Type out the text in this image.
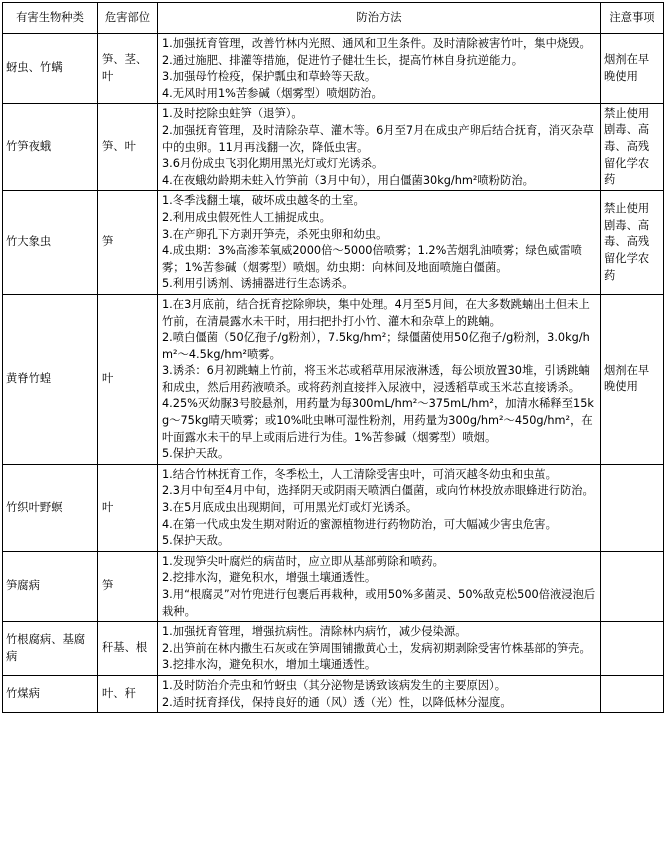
有害生物种类	危害部位	防治方法	注意事项
蚜虫、竹螨	笋、茎、叶	1.加强抚育管理，改善竹林内光照、通风和卫生条件。及时清除被害竹叶，集中烧毁。
2.通过施肥、排灌等措施，促进竹子健壮生长，提高竹林自身抗逆能力。
3.加强母竹检疫，保护瓢虫和草蛉等天敌。
4.无风时用1%苦参碱（烟雾型）喷烟防治。	烟剂在早晚使用
竹笋夜蛾	笋、叶	1.及时挖除虫蛀笋（退笋）。
2.加强抚育管理，及时清除杂草、灌木等。6月至7月在成虫产卵后结合抚育，消灭杂草中的虫卵。11月再浅翻一次，降低虫害。
3.6月份成虫飞羽化期用黑光灯或灯光诱杀。
4.在夜蛾幼龄期未蛀入竹笋前（3月中旬），用白僵菌30kg/hm²喷粉防治。	禁止使用剧毒、高毒、高残留化学农药
竹大象虫	笋	1.冬季浅翻土壤，破坏成虫越冬的土室。
2.利用成虫假死性人工捕捉成虫。
3.在产卵孔下方剥开笋壳，杀死虫卵和幼虫。
4.成虫期：3%高渗苯氧威2000倍～5000倍喷雾；1.2%苦烟乳油喷雾；绿色威雷喷雾；1%苦参碱（烟雾型）喷烟。幼虫期：向林间及地面喷施白僵菌。
5.利用引诱剂、诱捕器进行生态诱杀。	禁止使用剧毒、高毒、高残留化学农药
黄脊竹蝗	叶	1.在3月底前，结合抚育挖除卵块，集中处理。4月至5月间，在大多数跳蝻出土但未上竹前，在清晨露水未干时，用扫把扑打小竹、灌木和杂草上的跳蝻。
2.喷白僵菌（50亿孢子/g粉剂），7.5kg/hm²；绿僵菌使用50亿孢子/g粉剂，3.0kg/hm²～4.5kg/hm²喷雾。
3.诱杀：6月初跳蝻上竹前，将玉米芯或稻草用尿液淋透，每公顷放置30堆，引诱跳蝻和成虫，然后用药液喷杀。或将药剂直接拌入尿液中，浸透稻草或玉米芯直接诱杀。
4.25%灭幼脲3号胶悬剂，用药量为每300mL/hm²～375mL/hm²，加清水稀释至15kg～75kg晴天喷雾；或10%吡虫啉可湿性粉剂，用药量为300g/hm²～450g/hm²，在叶面露水未干的早上或雨后进行为佳。1%苦参碱（烟雾型）喷烟。
5.保护天敌。	烟剂在早晚使用
竹织叶野螟	叶	1.结合竹林抚育工作，冬季松土，人工清除受害虫叶，可消灭越冬幼虫和虫茧。
2.3月中旬至4月中旬，选择阴天或阴雨天喷洒白僵菌，或向竹林投放赤眼蜂进行防治。
3.在5月底成虫出现期间，可用黑光灯或灯光诱杀。
4.在第一代成虫发生期对附近的蜜源植物进行药物防治，可大幅减少害虫危害。
5.保护天敌。	

笋腐病	笋	1.发现笋尖叶腐烂的病苗时，应立即从基部剪除和喷药。
2.挖排水沟，避免积水，增强土壤通透性。
3.用“根腐灵”对竹兜进行包裹后再栽种，或用50%多菌灵、50%敌克松500倍液浸泡后栽种。	

竹根腐病、基腐病	秆基、根	1.加强抚育管理，增强抗病性。清除林内病竹，减少侵染源。
2.出笋前在林内撒生石灰或在笋周围铺撒黄心土，发病初期剥除受害竹株基部的笋壳。
3.挖排水沟，避免积水，增加土壤通透性。	

竹煤病	叶、秆	1.及时防治介壳虫和竹蚜虫（其分泌物是诱致该病发生的主要原因）。
2.适时抚育择伐，保持良好的通（风）透（光）性，以降低林分湿度。	
